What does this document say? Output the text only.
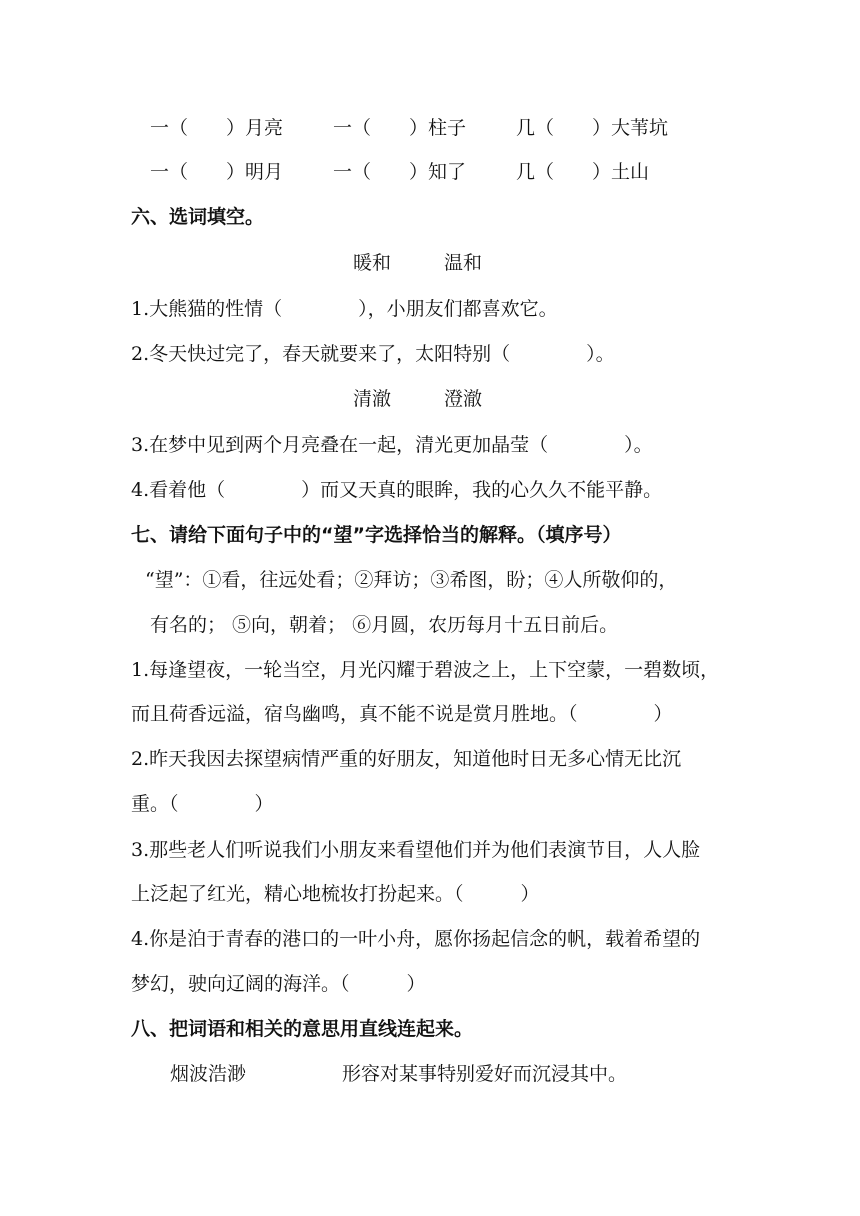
一（　　）月亮	一（　　）柱子	几（　　）大苇坑
一（　　）明月	一（　　）知了	几（　　）土山
六、选词填空。
暖和	温和
1.大熊猫的性情（　　　　），小朋友们都喜欢它。
2.冬天快过完了，春天就要来了，太阳特别（　　　　）。
清澈	澄澈
3.在梦中见到两个月亮叠在一起，清光更加晶莹（　　　　）。
4.看着他（　　　　）而又天真的眼眸，我的心久久不能平静。
七、请给下面句子中的“望”字选择恰当的解释。（填序号）
“望”：①看，往远处看；②拜访；③希图，盼；④人所敬仰的，
有名的； ⑤向，朝着； ⑥月圆，农历每月十五日前后。
1.每逢望夜，一轮当空，月光闪耀于碧波之上，上下空蒙，一碧数顷，
而且荷香远溢，宿鸟幽鸣，真不能不说是赏月胜地。（　　　　）
2.昨天我因去探望病情严重的好朋友，知道他时日无多心情无比沉
重。（　　　　）
3.那些老人们听说我们小朋友来看望他们并为他们表演节目，人人脸
上泛起了红光，精心地梳妆打扮起来。（　　　）
4.你是泊于青春的港口的一叶小舟，愿你扬起信念的帆，载着希望的
梦幻，驶向辽阔的海洋。（　　　）
八、把词语和相关的意思用直线连起来。
烟波浩渺	形容对某事特别爱好而沉浸其中。
